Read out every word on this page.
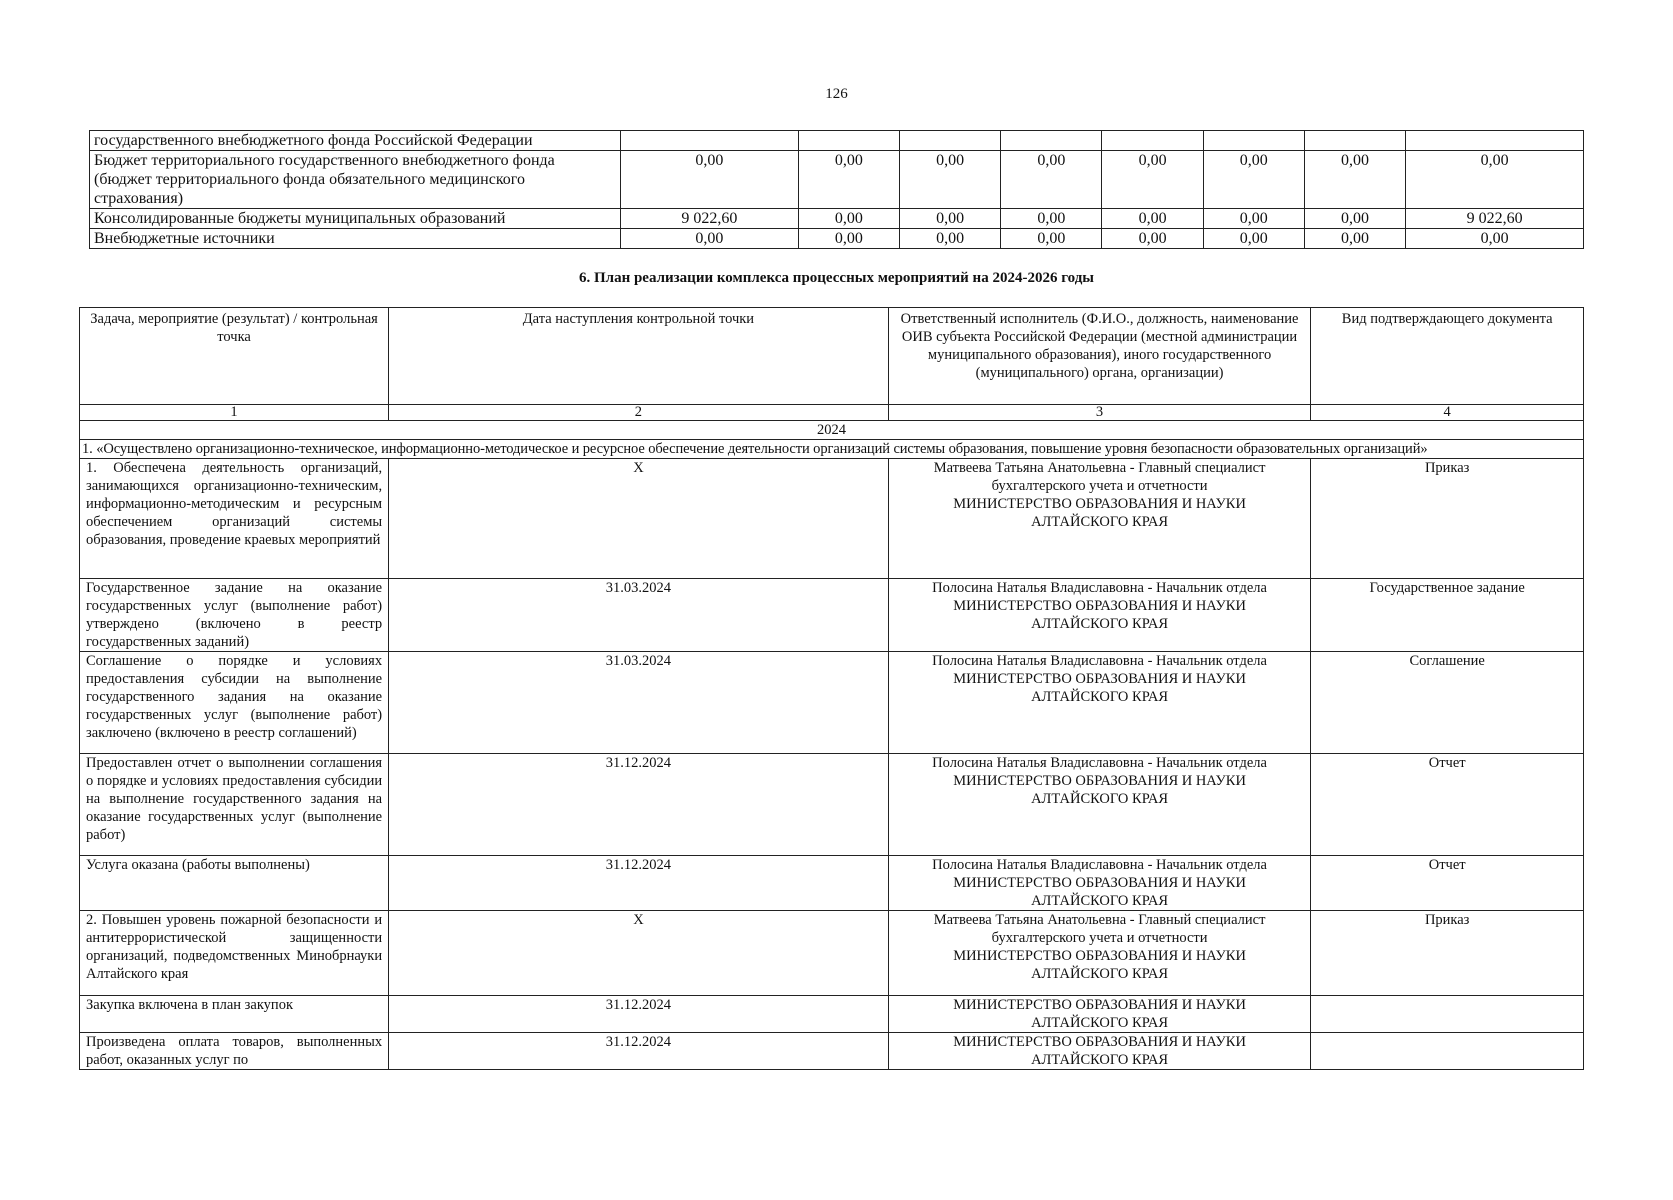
126
государственного внебюджетного фонда Российской Федерации								
Бюджет территориального государственного внебюджетного фонда (бюджет территориального фонда обязательного медицинского страхования)	0,00	0,00	0,00	0,00	0,00	0,00	0,00	0,00
Консолидированные бюджеты муниципальных образований	9 022,60	0,00	0,00	0,00	0,00	0,00	0,00	9 022,60
Внебюджетные источники	0,00	0,00	0,00	0,00	0,00	0,00	0,00	0,00
6. План реализации комплекса процессных мероприятий на 2024-2026 годы
Задача, мероприятие (результат) / контрольная точка	Дата наступления контрольной точки	Ответственный исполнитель (Ф.И.О., должность, наименование ОИВ субъекта Российской Федерации (местной администрации муниципального образования), иного государственного (муниципального) органа, организации)	Вид подтверждающего документа
1	2	3	4
2024			
1. «Осуществлено организационно-техническое, информационно-методическое и ресурсное обеспечение деятельности организаций системы образования, повышение уровня безопасности образовательных организаций»			
1. Обеспечена деятельность организаций, занимающихся организационно-техническим, информационно-методическим и ресурсным обеспечением организаций системы образования, проведение краевых мероприятий	X	Матвеева Татьяна Анатольевна - Главный специалист
бухгалтерского учета и отчетности
МИНИСТЕРСТВО ОБРАЗОВАНИЯ И НАУКИ
АЛТАЙСКОГО КРАЯ	Приказ
Государственное задание на оказание государственных услуг (выполнение работ) утверждено (включено в реестр государственных заданий)	31.03.2024	Полосина Наталья Владиславовна - Начальник отдела
МИНИСТЕРСТВО ОБРАЗОВАНИЯ И НАУКИ
АЛТАЙСКОГО КРАЯ	Государственное задание
Соглашение о порядке и условиях предоставления субсидии на выполнение государственного задания на оказание государственных услуг (выполнение работ) заключено (включено в реестр соглашений)	31.03.2024	Полосина Наталья Владиславовна - Начальник отдела
МИНИСТЕРСТВО ОБРАЗОВАНИЯ И НАУКИ
АЛТАЙСКОГО КРАЯ	Соглашение
Предоставлен отчет о выполнении соглашения о порядке и условиях предоставления субсидии на выполнение государственного задания на оказание государственных услуг (выполнение работ)	31.12.2024	Полосина Наталья Владиславовна - Начальник отдела
МИНИСТЕРСТВО ОБРАЗОВАНИЯ И НАУКИ
АЛТАЙСКОГО КРАЯ	Отчет
Услуга оказана (работы выполнены)	31.12.2024	Полосина Наталья Владиславовна - Начальник отдела
МИНИСТЕРСТВО ОБРАЗОВАНИЯ И НАУКИ
АЛТАЙСКОГО КРАЯ	Отчет
2. Повышен уровень пожарной безопасности и антитеррористической защищенности организаций, подведомственных Минобрнауки Алтайского края	X	Матвеева Татьяна Анатольевна - Главный специалист
бухгалтерского учета и отчетности
МИНИСТЕРСТВО ОБРАЗОВАНИЯ И НАУКИ
АЛТАЙСКОГО КРАЯ	Приказ
Закупка включена в план закупок	31.12.2024	МИНИСТЕРСТВО ОБРАЗОВАНИЯ И НАУКИ
АЛТАЙСКОГО КРАЯ	

Произведена оплата товаров, выполненных работ, оказанных услуг по	31.12.2024	МИНИСТЕРСТВО ОБРАЗОВАНИЯ И НАУКИ
АЛТАЙСКОГО КРАЯ	
